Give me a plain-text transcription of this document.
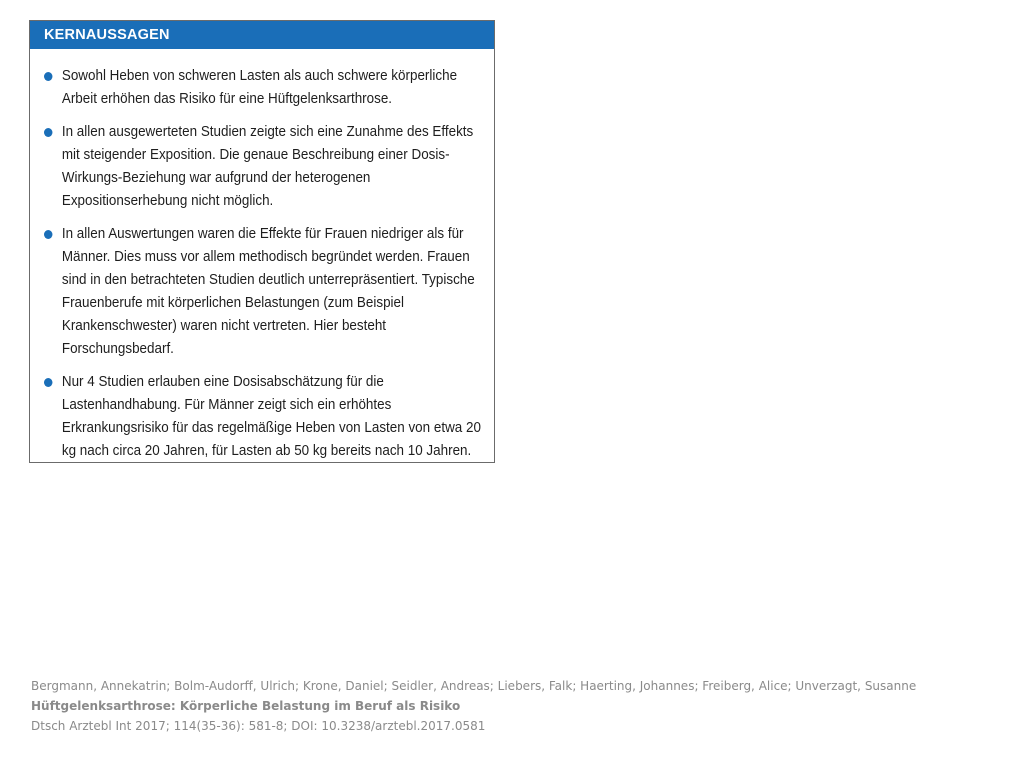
KERNAUSSAGEN
Sowohl Heben von schweren Lasten als auch schwere körperliche Arbeit erhöhen das Risiko für eine Hüftgelenksarthrose.
In allen ausgewerteten Studien zeigte sich eine Zunahme des Effekts mit steigender Exposition. Die genaue Beschreibung einer Dosis-Wirkungs-Beziehung war aufgrund der heterogenen Expositionserhebung nicht möglich.
In allen Auswertungen waren die Effekte für Frauen niedriger als für Männer. Dies muss vor allem methodisch begründet werden. Frauen sind in den betrachteten Studien deutlich unterrepräsentiert. Typische Frauenberufe mit körperlichen Belastungen (zum Beispiel Krankenschwester) waren nicht vertreten. Hier besteht Forschungsbedarf.
Nur 4 Studien erlauben eine Dosisabschätzung für die Lastenhandhabung. Für Männer zeigt sich ein erhöhtes Erkrankungsrisiko für das regelmäßige Heben von Lasten von etwa 20 kg nach circa 20 Jahren, für Lasten ab 50 kg bereits nach 10 Jahren.
Bergmann, Annekatrin; Bolm-Audorff, Ulrich; Krone, Daniel; Seidler, Andreas; Liebers, Falk; Haerting, Johannes; Freiberg, Alice; Unverzagt, Susanne
Hüftgelenksarthrose: Körperliche Belastung im Beruf als Risiko
Dtsch Arztebl Int 2017; 114(35-36): 581-8; DOI: 10.3238/arztebl.2017.0581
